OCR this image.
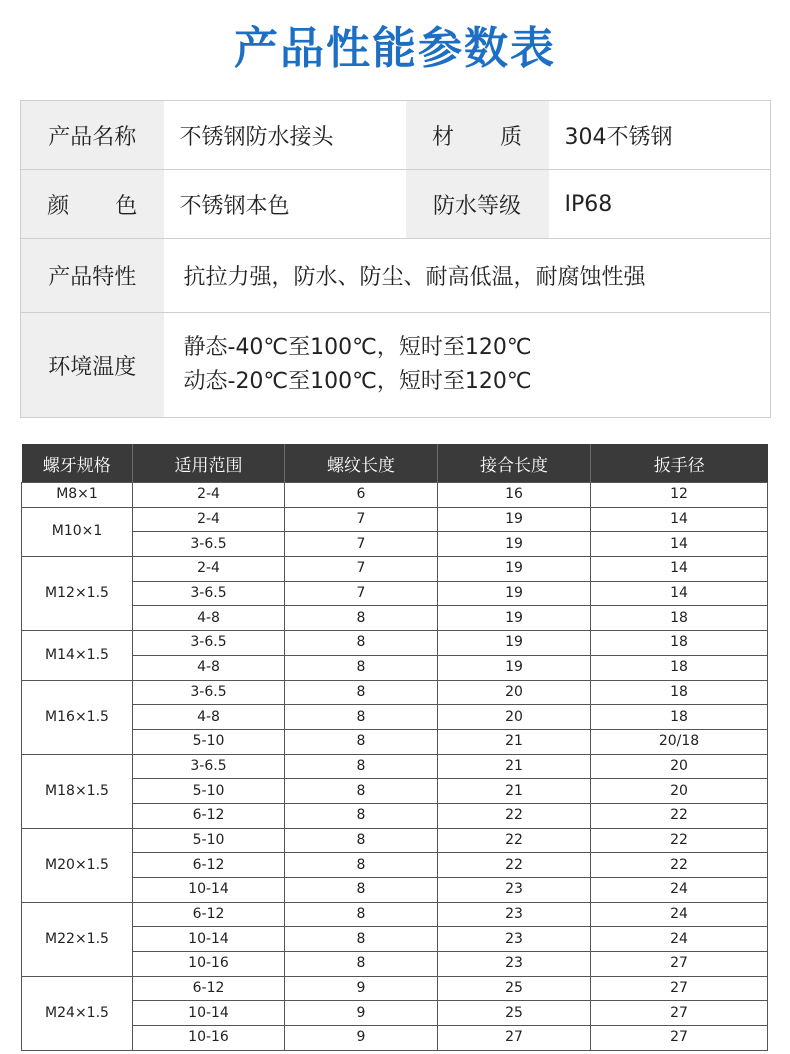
产品性能参数表
产品名称	不锈钢防水接头	材 质	304不锈钢
颜 色	不锈钢本色	防水等级	IP68
产品特性	抗拉力强，防水、防尘、耐高低温，耐腐蚀性强		
环境温度	静态-40℃至100℃，短时至120℃
动态-20℃至100℃，短时至120℃		
螺牙规格	适用范围	螺纹长度	接合长度	扳手径
M8×1	2-4	6	16	12
M10×1	2-4	7	19	14
	3-6.5	7	19	14
M12×1.5	2-4	7	19	14
	3-6.5	7	19	14
	4-8	8	19	18
M14×1.5	3-6.5	8	19	18
	4-8	8	19	18
M16×1.5	3-6.5	8	20	18
	4-8	8	20	18
	5-10	8	21	20/18
M18×1.5	3-6.5	8	21	20
	5-10	8	21	20
	6-12	8	22	22
M20×1.5	5-10	8	22	22
	6-12	8	22	22
	10-14	8	23	24
M22×1.5	6-12	8	23	24
	10-14	8	23	24
	10-16	8	23	27
M24×1.5	6-12	9	25	27
	10-14	9	25	27
	10-16	9	27	27
